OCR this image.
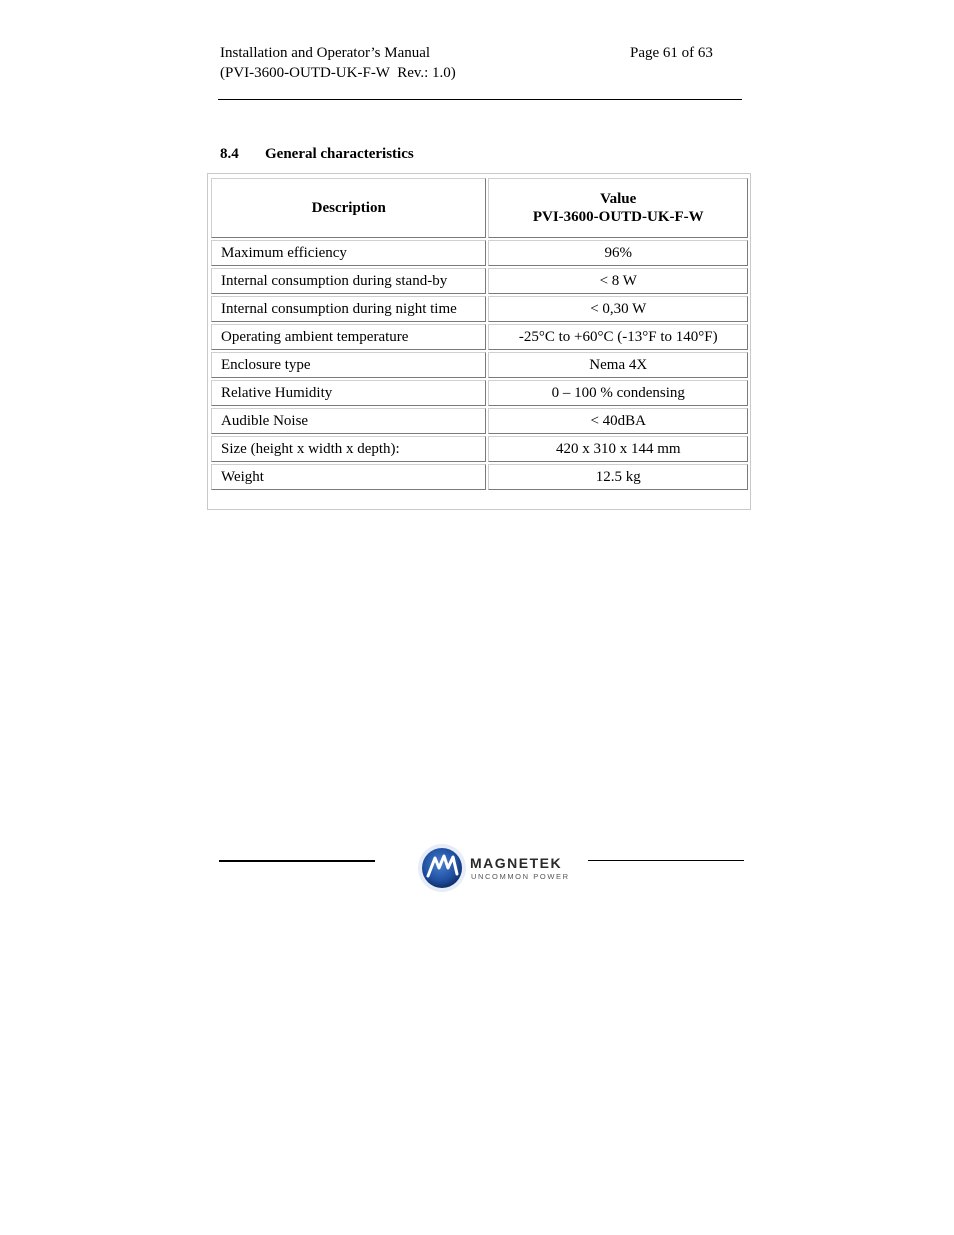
Installation and Operator’s Manual
(PVI-3600-OUTD-UK-F-W  Rev.: 1.0)
Page 61 of 63
8.4 General characteristics
Description	Value
PVI-3600-OUTD-UK-F-W

Maximum efficiency	96%
Internal consumption during stand-by	< 8 W
Internal consumption during night time	< 0,30 W
Operating ambient temperature	-25°C to +60°C (-13°F to 140°F)
Enclosure type	Nema 4X
Relative Humidity	0 – 100 % condensing
Audible Noise	< 40dBA
Size (height x width x depth):	420 x 310 x 144 mm
Weight	12.5 kg
MAGNETEK
UNCOMMON POWER
